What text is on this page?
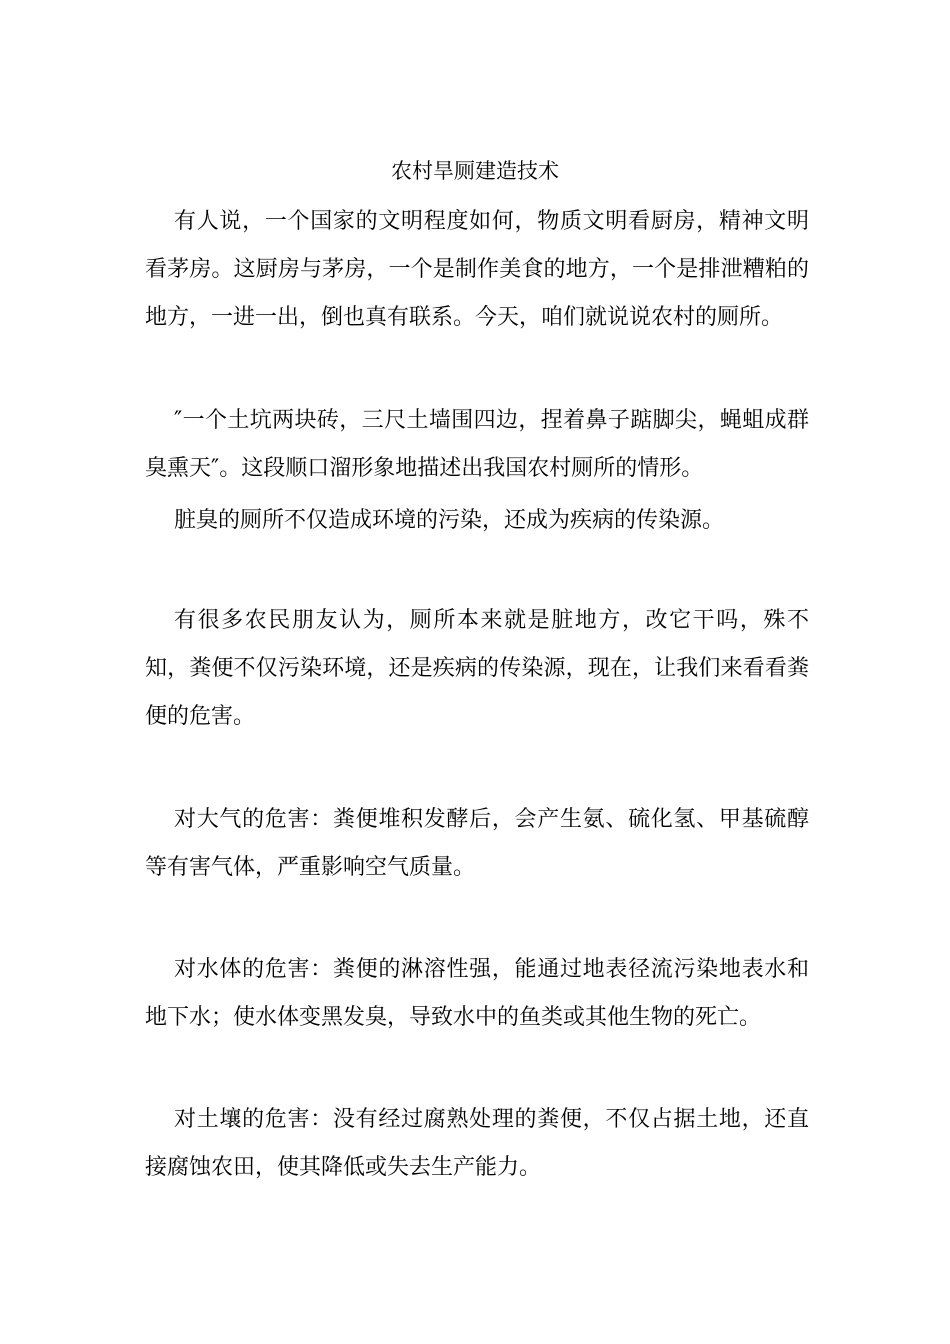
农村旱厕建造技术

有人说，一个国家的文明程度如何，物质文明看厨房，精神文明看茅房。这厨房与茅房，一个是制作美食的地方，一个是排泄糟粕的地方，一进一出，倒也真有联系。今天，咱们就说说农村的厕所。

″一个土坑两块砖，三尺土墙围四边，捏着鼻子踮脚尖，蝇蛆成群臭熏天″。这段顺口溜形象地描述出我国农村厕所的情形。

脏臭的厕所不仅造成环境的污染，还成为疾病的传染源。

有很多农民朋友认为，厕所本来就是脏地方，改它干吗，殊不知，粪便不仅污染环境，还是疾病的传染源，现在，让我们来看看粪便的危害。

对大气的危害：粪便堆积发酵后，会产生氨、硫化氢、甲基硫醇等有害气体，严重影响空气质量。

对水体的危害：粪便的淋溶性强，能通过地表径流污染地表水和地下水；使水体变黑发臭，导致水中的鱼类或其他生物的死亡。

对土壤的危害：没有经过腐熟处理的粪便，不仅占据土地，还直接腐蚀农田，使其降低或失去生产能力。
